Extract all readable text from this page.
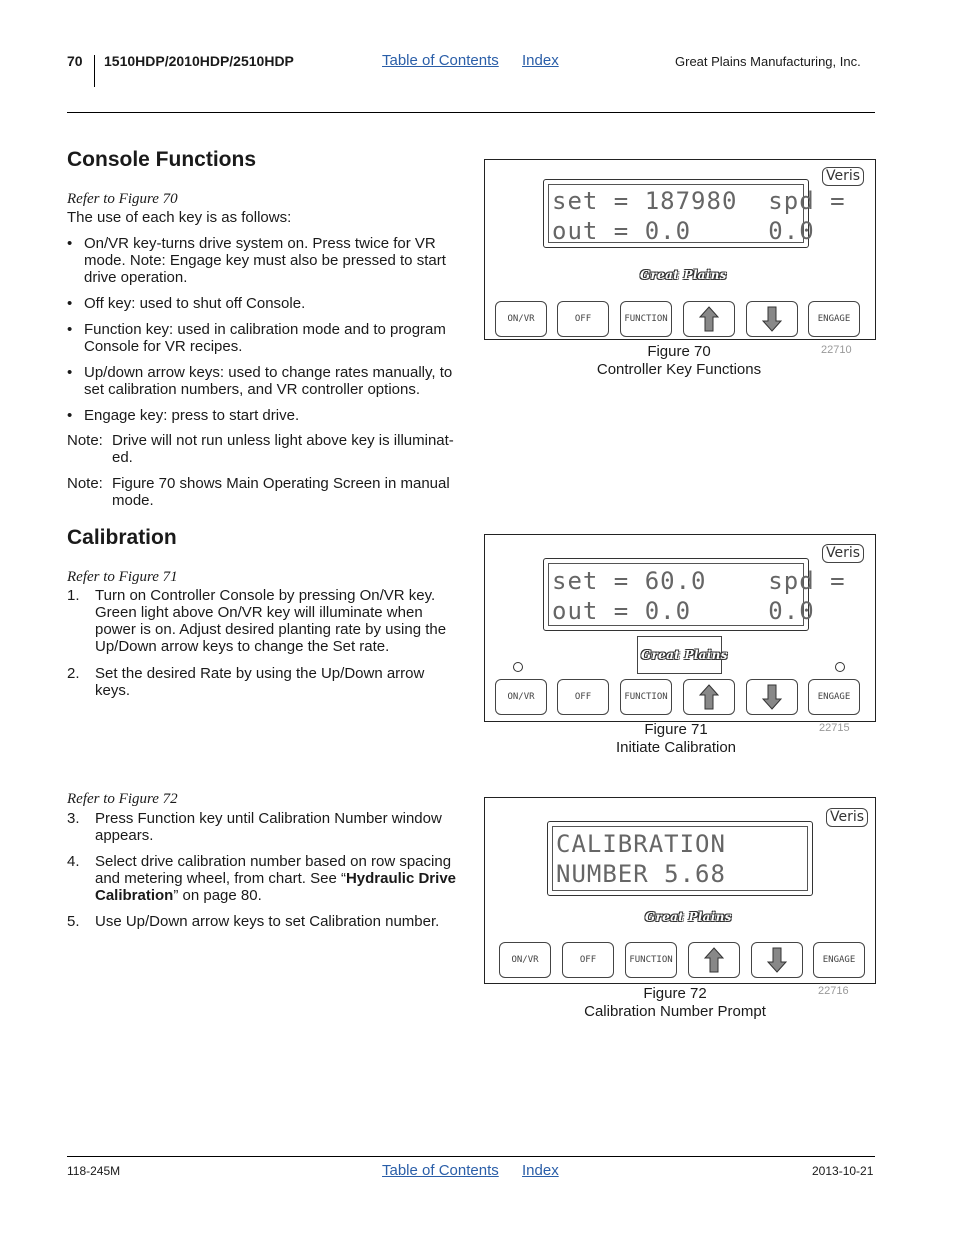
70 1510HDP/2010HDP/2510HDP	Table of Contents Index	Great Plains Manufacturing, Inc.
Console Functions
Refer to Figure 70
The use of each key is as follows:
• On/VR key-turns drive system on. Press twice for VR mode. Note: Engage key must also be pressed to start drive operation.
• Off key: used to shut off Console.
• Function key: used in calibration mode and to program Console for VR recipes.
• Up/down arrow keys: used to change rates manually, to set calibration numbers, and VR controller options.
• Engage key: press to start drive.
Note: Drive will not run unless light above key is illuminat-
ed.
Note: Figure 70 shows Main Operating Screen in manual
mode.
Calibration
Refer to Figure 71
1. Turn on Controller Console by pressing On/VR key. Green light above On/VR key will illuminate when power is on. Adjust desired planting rate by using the Up/Down arrow keys to change the Set rate.
2. Set the desired Rate by using the Up/Down arrow keys.
Refer to Figure 72
3. Press Function key until Calibration Number window appears.
4. Select drive calibration number based on row spacing and metering wheel, from chart. See “Hydraulic Drive Calibration” on page 80.
5. Use Up/Down arrow keys to set Calibration number.
set = 187980  spd =
out = 0.0     0.0
Veris
Great Plains
ON/VR	OFF	FUNCTION	ENGAGE
Figure 70
Controller Key Functions
22710
set = 60.0    spd =
out = 0.0     0.0
Veris
Great Plains
ON/VR	OFF	FUNCTION	ENGAGE
Figure 71
Initiate Calibration
22715
CALIBRATION
NUMBER 5.68
Veris
Great Plains
ON/VR	OFF	FUNCTION	ENGAGE
Figure 72
Calibration Number Prompt
22716
118-245M	Table of Contents Index	2013-10-21
